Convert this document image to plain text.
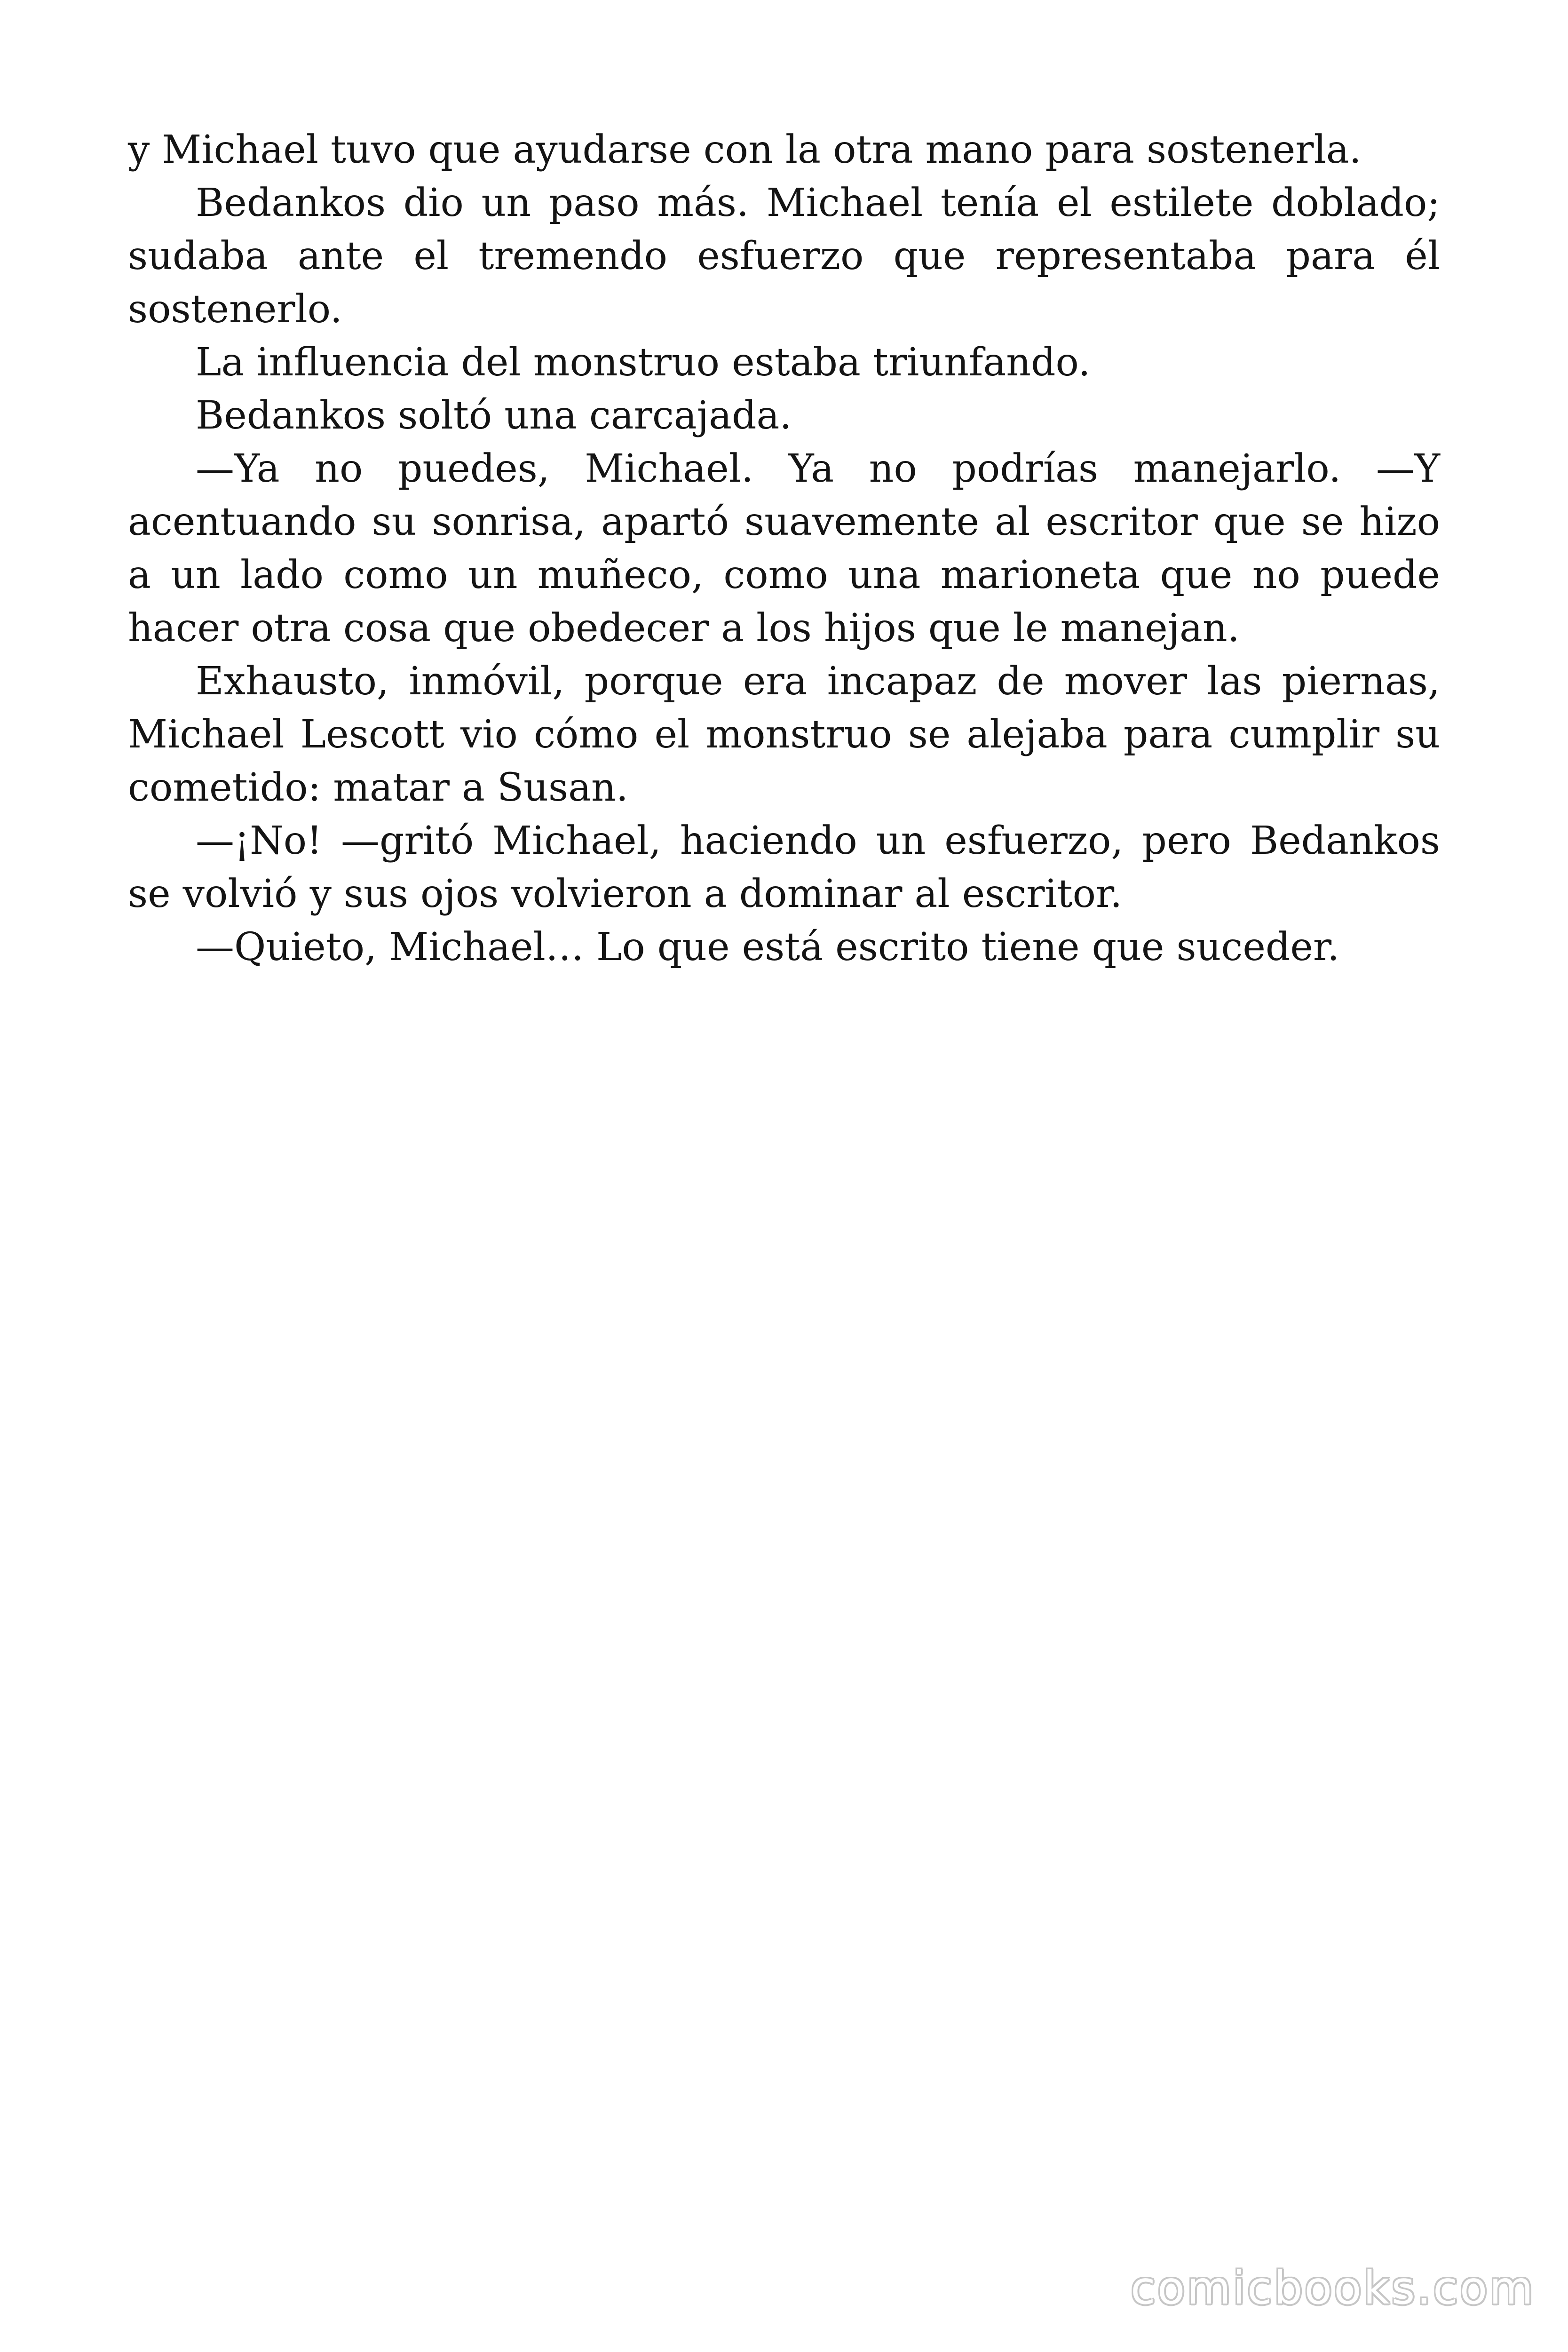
y Michael tuvo que ayudarse con la otra mano para sostenerla.

Bedankos dio un paso más. Michael tenía el estilete doblado; sudaba ante el tremendo esfuerzo que representaba para él sostenerlo.

La influencia del monstruo estaba triunfando.

Bedankos soltó una carcajada.

—Ya no puedes, Michael. Ya no podrías manejarlo. —Y acentuando su sonrisa, apartó suavemente al escritor que se hizo a un lado como un muñeco, como una marioneta que no puede hacer otra cosa que obedecer a los hijos que le manejan.

Exhausto, inmóvil, porque era incapaz de mover las piernas, Michael Lescott vio cómo el monstruo se alejaba para cumplir su cometido: matar a Susan.

—¡No! —gritó Michael, haciendo un esfuerzo, pero Bedankos se volvió y sus ojos volvieron a dominar al escritor.

—Quieto, Michael… Lo que está escrito tiene que suceder.

comicbooks.com
